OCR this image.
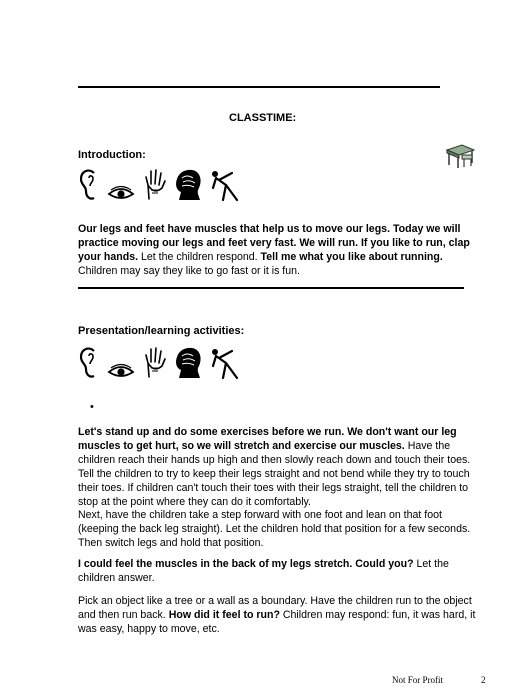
CLASSTIME:
Introduction:

Our legs and feet have muscles that help us to move our legs. Today we will practice moving our legs and feet very fast. We will run. If you like to run, clap your hands. Let the children respond. Tell me what you like about running. Children may say they like to go fast or it is fun.

Presentation/learning activities:
•

Let's stand up and do some exercises before we run. We don't want our leg muscles to get hurt, so we will stretch and exercise our muscles. Have the children reach their hands up high and then slowly reach down and touch their toes. Tell the children to try to keep their legs straight and not bend while they try to touch their toes. If children can't touch their toes with their legs straight, tell the children to stop at the point where they can do it comfortably.

Next, have the children take a step forward with one foot and lean on that foot (keeping the back leg straight). Let the children hold that position for a few seconds. Then switch legs and hold that position.

I could feel the muscles in the back of my legs stretch. Could you? Let the children answer.

Pick an object like a tree or a wall as a boundary. Have the children run to the object and then run back. How did it feel to run? Children may respond: fun, it was hard, it was easy, happy to move, etc.

Not For Profit	2
